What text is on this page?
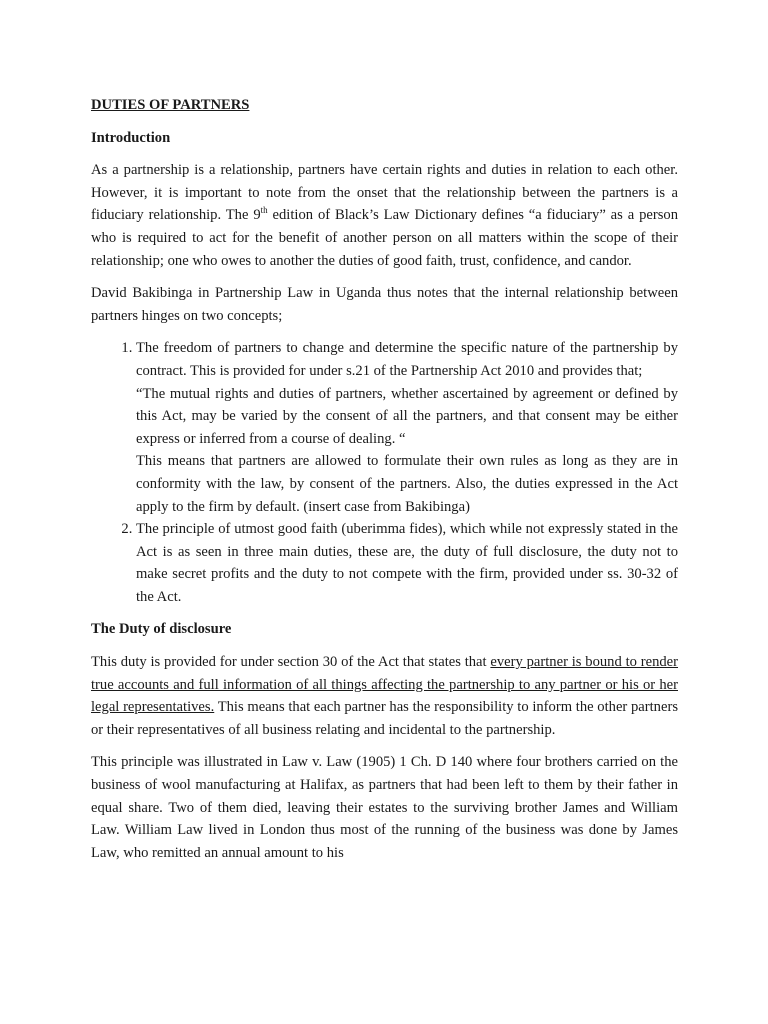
DUTIES OF PARTNERS
Introduction

As a partnership is a relationship, partners have certain rights and duties in relation to each other. However, it is important to note from the onset that the relationship between the partners is a fiduciary relationship. The 9th edition of Black’s Law Dictionary defines “a fiduciary” as a person who is required to act for the benefit of another person on all matters within the scope of their relationship; one who owes to another the duties of good faith, trust, confidence, and candor.

David Bakibinga in Partnership Law in Uganda thus notes that the internal relationship between partners hinges on two concepts;

1. The freedom of partners to change and determine the specific nature of the partnership by contract. This is provided for under s.21 of the Partnership Act 2010 and provides that;
“The mutual rights and duties of partners, whether ascertained by agreement or defined by this Act, may be varied by the consent of all the partners, and that consent may be either express or inferred from a course of dealing. “
This means that partners are allowed to formulate their own rules as long as they are in conformity with the law, by consent of the partners. Also, the duties expressed in the Act apply to the firm by default. (insert case from Bakibinga)
2. The principle of utmost good faith (uberimma fides), which while not expressly stated in the Act is as seen in three main duties, these are, the duty of full disclosure, the duty not to make secret profits and the duty to not compete with the firm, provided under ss. 30-32 of the Act.
The Duty of disclosure

This duty is provided for under section 30 of the Act that states that every partner is bound to render true accounts and full information of all things affecting the partnership to any partner or his or her legal representatives. This means that each partner has the responsibility to inform the other partners or their representatives of all business relating and incidental to the partnership.

This principle was illustrated in Law v. Law (1905) 1 Ch. D 140 where four brothers carried on the business of wool manufacturing at Halifax, as partners that had been left to them by their father in equal share. Two of them died, leaving their estates to the surviving brother James and William Law. William Law lived in London thus most of the running of the business was done by James Law, who remitted an annual amount to his
